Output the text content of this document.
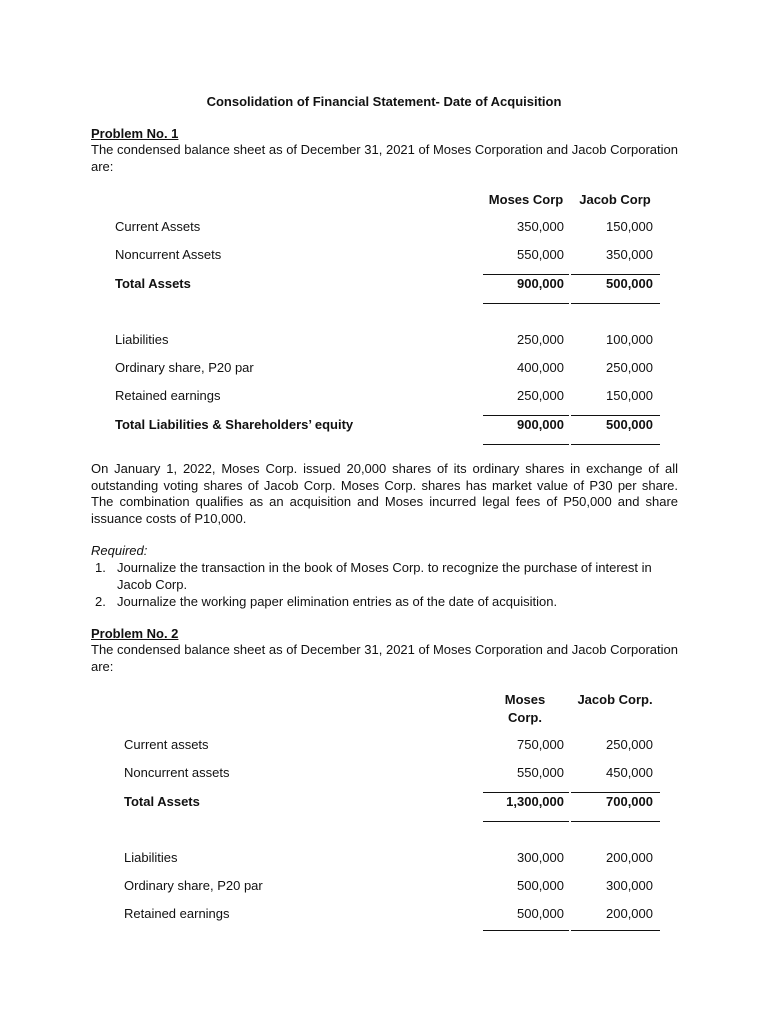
Consolidation of Financial Statement- Date of Acquisition
Problem No. 1
The condensed balance sheet as of December 31, 2021 of Moses Corporation and Jacob Corporation are:
Moses Corp Jacob Corp
Current Assets	350,000	150,000
Noncurrent Assets	550,000	350,000
Total Assets	900,000	500,000
Liabilities	250,000	100,000
Ordinary share, P20 par	400,000	250,000
Retained earnings	250,000	150,000
Total Liabilities & Shareholders’ equity	900,000	500,000
On January 1, 2022, Moses Corp. issued 20,000 shares of its ordinary shares in exchange of all outstanding voting shares of Jacob Corp. Moses Corp. shares has market value of P30 per share. The combination qualifies as an acquisition and Moses incurred legal fees of P50,000 and share issuance costs of P10,000.
Required:
1. Journalize the transaction in the book of Moses Corp. to recognize the purchase of interest in Jacob Corp.
2. Journalize the working paper elimination entries as of the date of acquisition.
Problem No. 2
The condensed balance sheet as of December 31, 2021 of Moses Corporation and Jacob Corporation are:
Moses
Corp.
Jacob Corp.
Current assets	750,000	250,000
Noncurrent assets	550,000	450,000
Total Assets	1,300,000	700,000
Liabilities	300,000	200,000
Ordinary share, P20 par	500,000	300,000
Retained earnings	500,000	200,000
